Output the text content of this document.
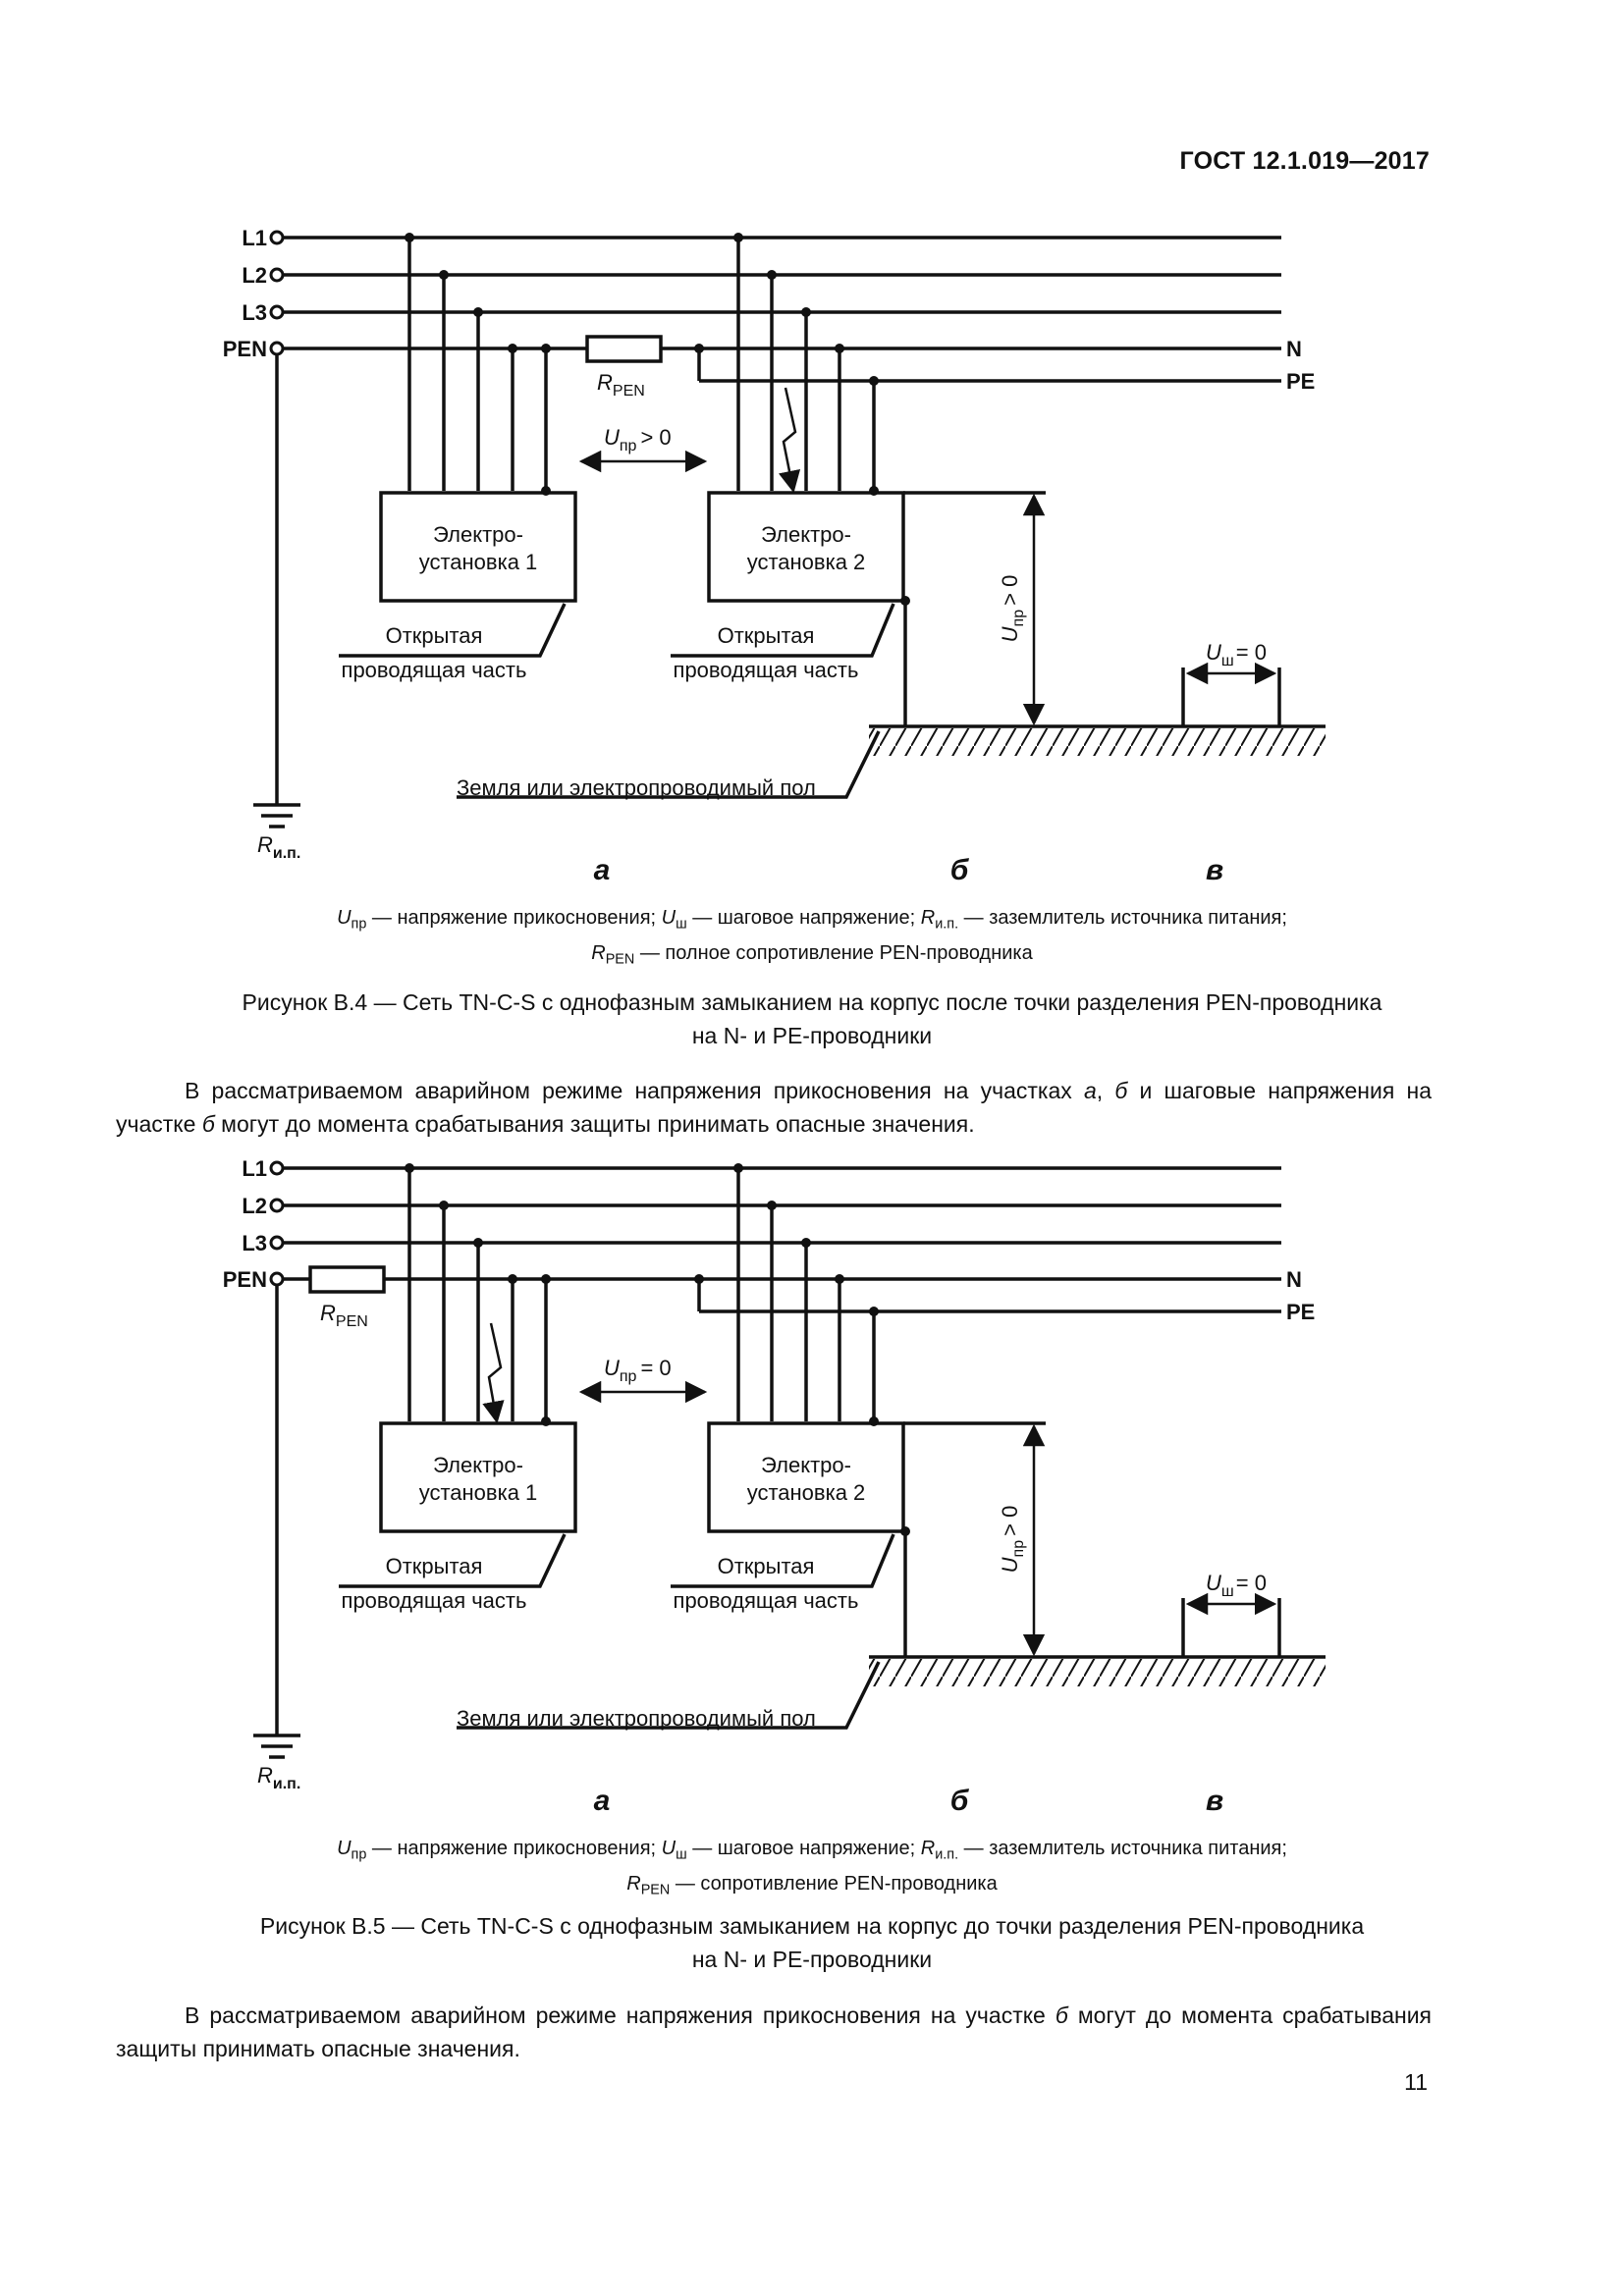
ГОСТ 12.1.019—2017
L1
L2
L3
PEN	N
PE
$R_{PEN}$
$U_{пр} > 0$
Электро-
установка 1
Электро-
установка 2
Открытая
проводящая часть
Открытая
проводящая часть
Земля или электропроводимый пол
$U_ш= 0$
$R_{и.п.}$
$U_{пр}> 0$
а	б	в
$U_{пр}$ — напряжение прикосновения; $U_ш$ — шаговое напряжение; $R_{и.п.}$ — заземлитель источника питания;
$R_{PEN}$ — полное сопротивление PEN-проводника
Рисунок В.4 — Сеть TN-C-S с однофазным замыканием на корпус после точки разделения PEN-проводника
на N- и PE-проводники
В рассматриваемом аварийном режиме напряжения прикосновения на участках а, б и шаговые напряжения на участке б могут до момента срабатывания защиты принимать опасные значения.
L1
L2
L3
PEN	N
PE
$R_{PEN}$
$U_{пр} = 0$
Электро-
установка 1
Электро-
установка 2
Открытая
проводящая часть
Открытая
проводящая часть
Земля или электропроводимый пол
$U_ш= 0$
$R_{и.п.}$
$U_{пр}> 0$
а	б	в
$U_{пр}$ — напряжение прикосновения; $U_ш$ — шаговое напряжение; $R_{и.п.}$ — заземлитель источника питания;
$R_{PEN}$ — сопротивление PEN-проводника
Рисунок В.5 — Сеть TN-C-S с однофазным замыканием на корпус до точки разделения PEN-проводника
на N- и PE-проводники
В рассматриваемом аварийном режиме напряжения прикосновения на участке б могут до момента срабатывания защиты принимать опасные значения.
11
